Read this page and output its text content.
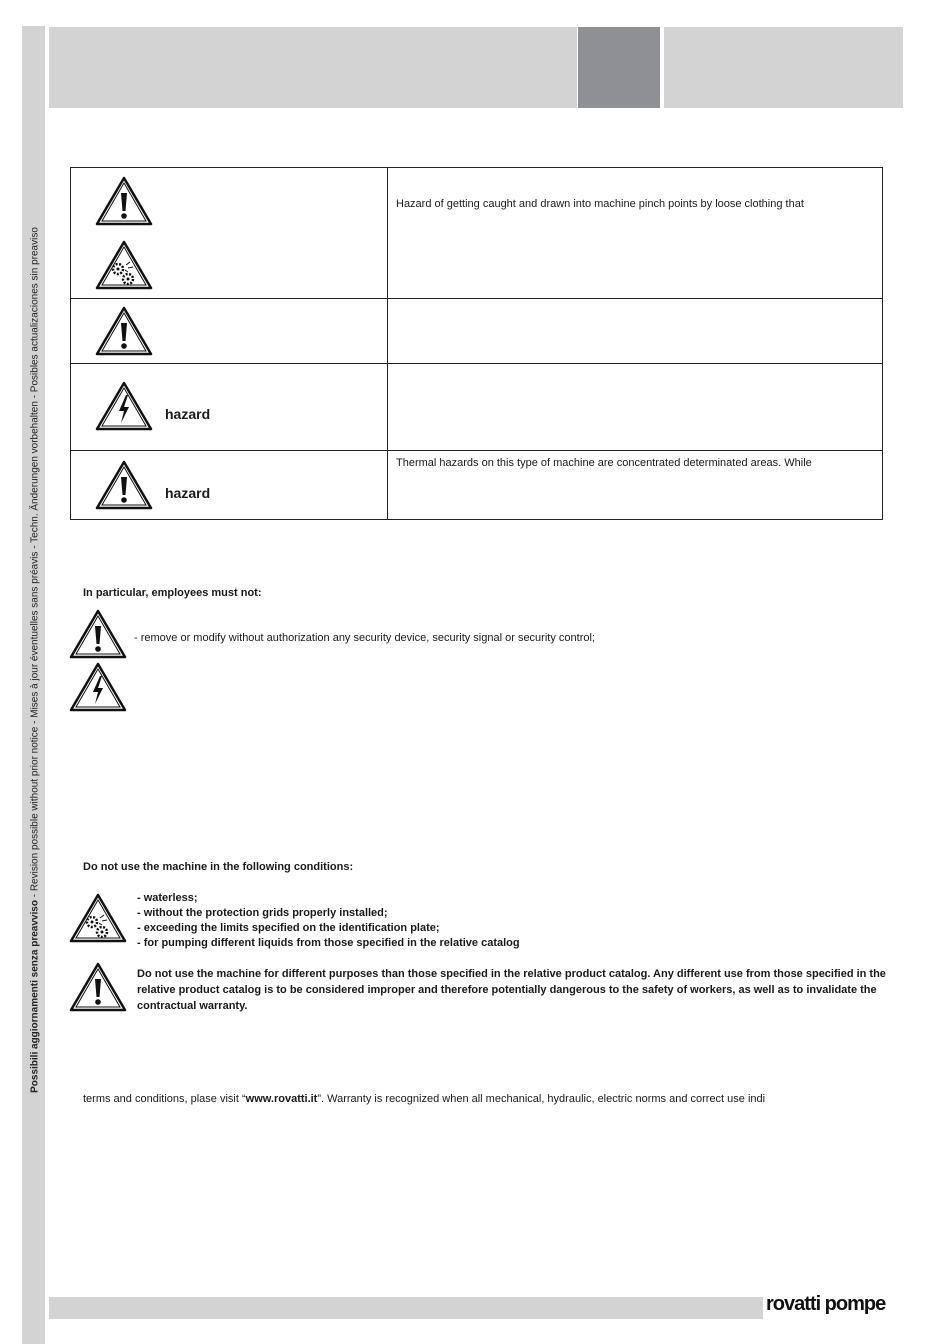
Possibili aggiornamenti senza preavviso - Revision possible without prior notice - Mises à jour éventuelles sans préavis - Techn. Änderungen vorbehalten - Posibles actualizaciones sin preaviso
	Hazard of getting caught and drawn into machine pinch points by loose clothing that

hazard	

hazard	Thermal hazards on this type of machine are concentrated determinated areas. While
In particular, employees must not:
- remove or modify without authorization any security device, security signal or security control;
Do not use the machine in the following conditions:
- waterless;
- without the protection grids properly installed;
- exceeding the limits specified on the identification plate;
- for pumping different liquids from those specified in the relative catalog
Do not use the machine for different purposes than those specified in the relative product catalog. Any different use from those specified in the relative product catalog is to be considered improper and therefore potentially dangerous to the safety of workers, as well as to invalidate the contractual warranty.
terms and conditions, plase visit “www.rovatti.it”. Warranty is recognized when all mechanical, hydraulic, electric norms and correct use indi
rovatti pompe
